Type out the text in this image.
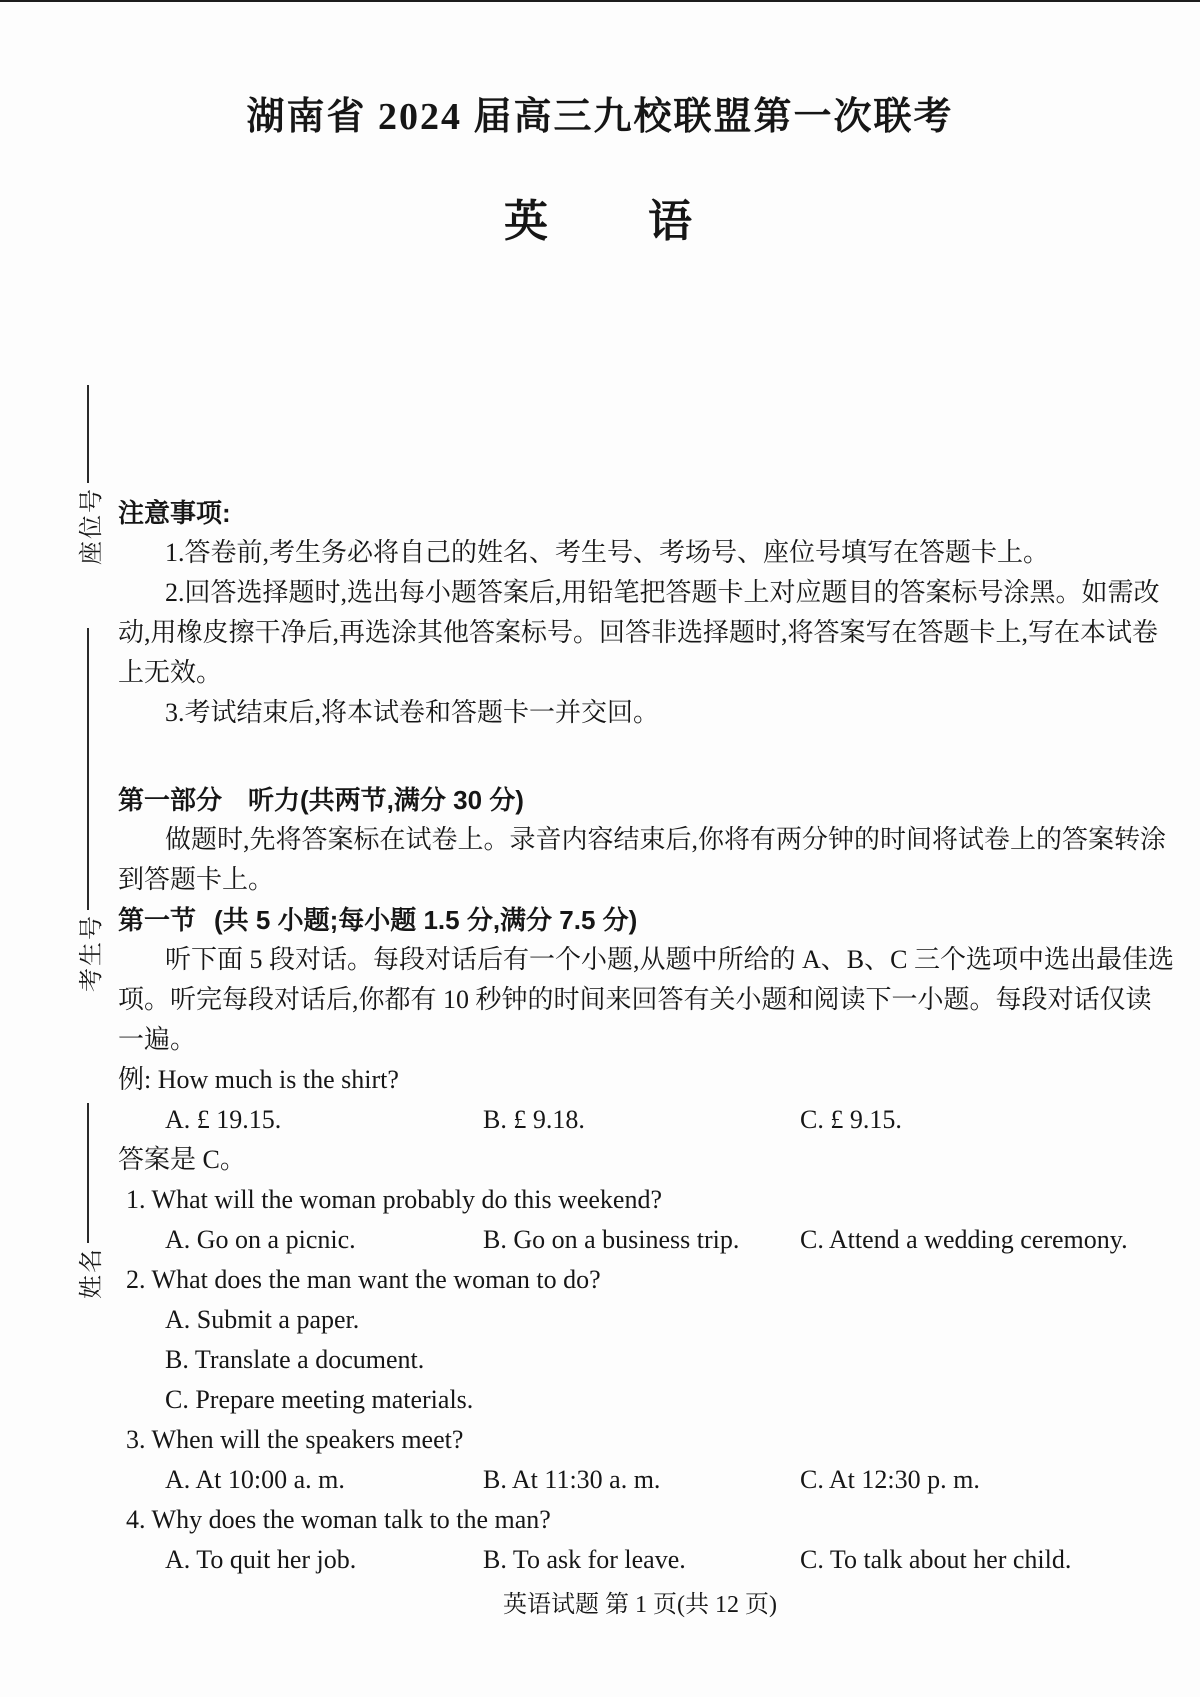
座位号
考生号
姓名
湖南省 2024 届高三九校联盟第一次联考
英　　语
注意事项:
1.答卷前,考生务必将自己的姓名、考生号、考场号、座位号填写在答题卡上。
2.回答选择题时,选出每小题答案后,用铅笔把答题卡上对应题目的答案标号涂黑。如需改
动,用橡皮擦干净后,再选涂其他答案标号。回答非选择题时,将答案写在答题卡上,写在本试卷
上无效。
3.考试结束后,将本试卷和答题卡一并交回。
第一部分 听力(共两节,满分 30 分)
做题时,先将答案标在试卷上。录音内容结束后,你将有两分钟的时间将试卷上的答案转涂
到答题卡上。
第一节 (共 5 小题;每小题 1.5 分,满分 7.5 分)
听下面 5 段对话。每段对话后有一个小题,从题中所给的 A、B、C 三个选项中选出最佳选
项。听完每段对话后,你都有 10 秒钟的时间来回答有关小题和阅读下一小题。每段对话仅读
一遍。
例: How much is the shirt?
A. £ 19.15.	B. £ 9.18.	C. £ 9.15.
答案是 C。
1. What will the woman probably do this weekend?
A. Go on a picnic.	B. Go on a business trip.	C. Attend a wedding ceremony.
2. What does the man want the woman to do?
A. Submit a paper.
B. Translate a document.
C. Prepare meeting materials.
3. When will the speakers meet?
A. At 10:00 a. m.	B. At 11:30 a. m.	C. At 12:30 p. m.
4. Why does the woman talk to the man?
A. To quit her job.	B. To ask for leave.	C. To talk about her child.
英语试题 第 1 页(共 12 页)
